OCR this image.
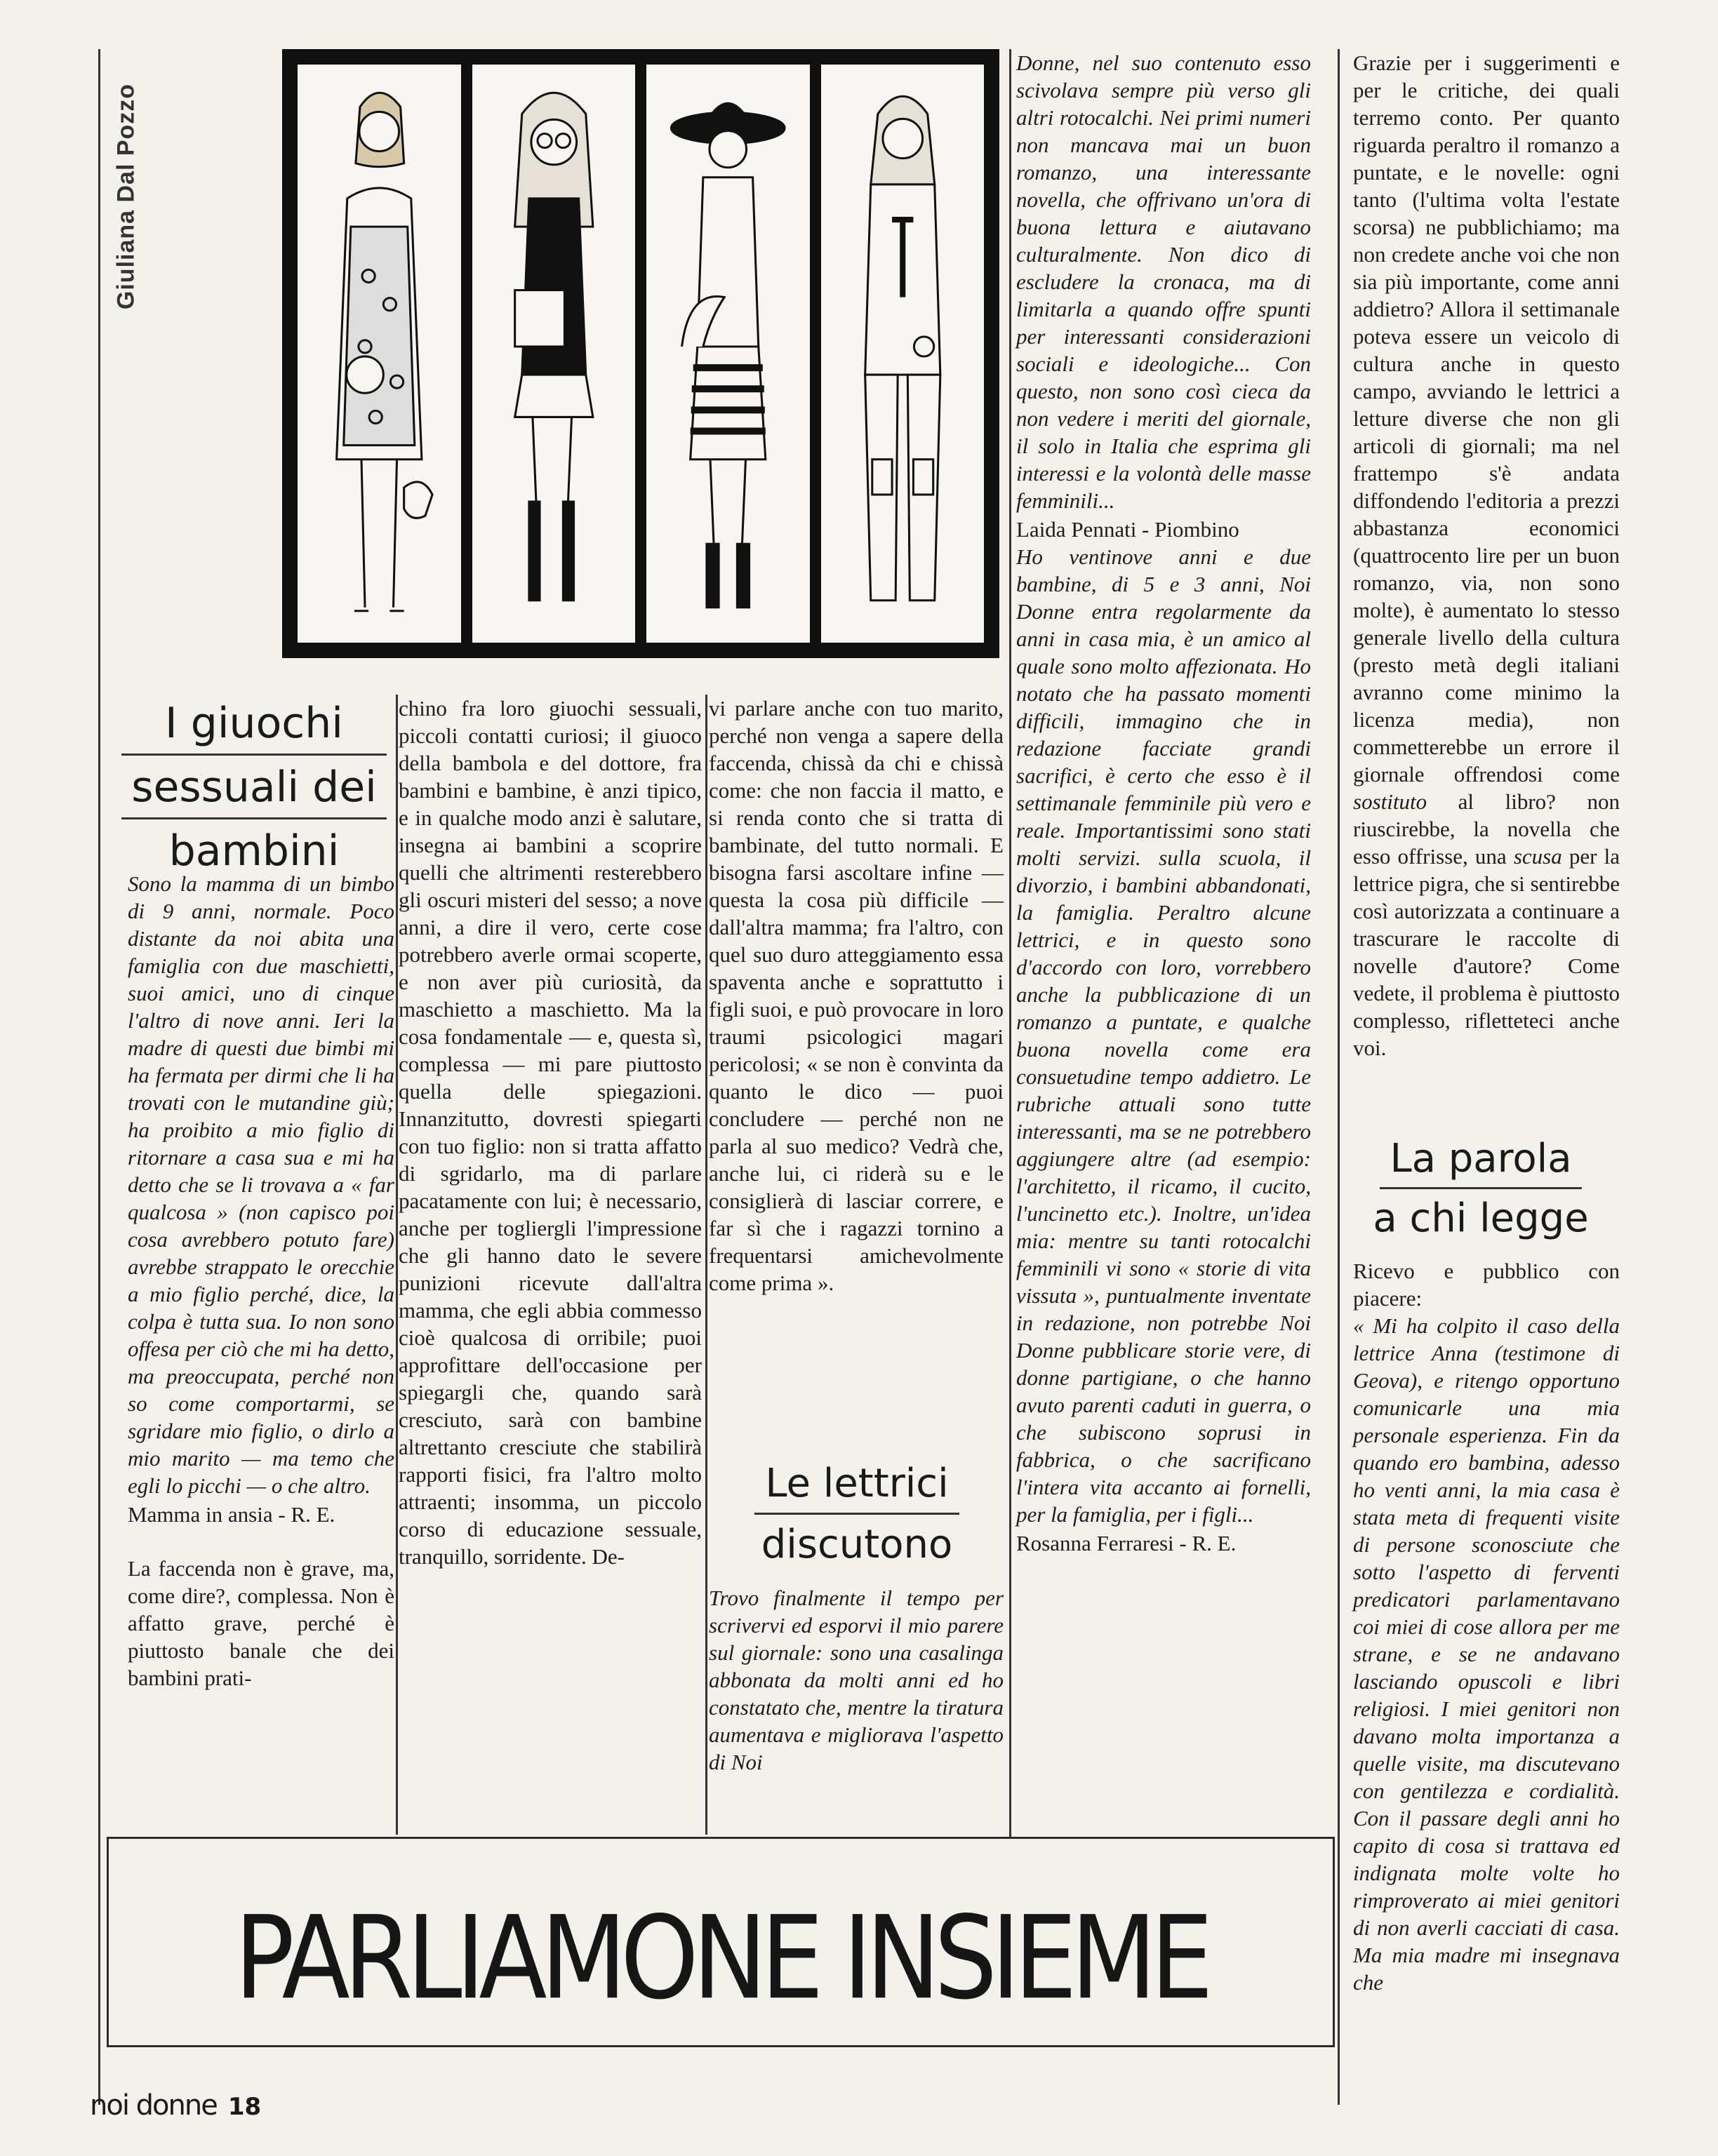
Giuliana Dal Pozzo
I giuochi
sessuali dei
bambini

Sono la mamma di un bimbo di 9 anni, normale. Poco distante da noi abita una famiglia con due maschietti, suoi amici, uno di cinque l'altro di nove anni. Ieri la madre di questi due bimbi mi ha fermata per dirmi che li ha trovati con le mutandine giù; ha proibito a mio figlio di ritornare a casa sua e mi ha detto che se li trovava a « far qualcosa » (non capisco poi cosa avrebbero potuto fare) avrebbe strappato le orecchie a mio figlio perché, dice, la colpa è tutta sua. Io non sono offesa per ciò che mi ha detto, ma preoccupata, perché non so come comportarmi, se sgridare mio figlio, o dirlo a mio marito — ma temo che egli lo picchi — o che altro.

Mamma in ansia - R. E.

La faccenda non è grave, ma, come dire?, complessa. Non è affatto grave, perché è piuttosto banale che dei bambini prati-

chino fra loro giuochi sessuali, piccoli contatti curiosi; il giuoco della bambola e del dottore, fra bambini e bambine, è anzi tipico, e in qualche modo anzi è salutare, insegna ai bambini a scoprire quelli che altrimenti resterebbero gli oscuri misteri del sesso; a nove anni, a dire il vero, certe cose potrebbero averle ormai scoperte, e non aver più curiosità, da maschietto a maschietto. Ma la cosa fondamentale — e, questa sì, complessa — mi pare piuttosto quella delle spiegazioni. Innanzitutto, dovresti spiegarti con tuo figlio: non si tratta affatto di sgridarlo, ma di parlare pacatamente con lui; è necessario, anche per togliergli l'impressione che gli hanno dato le severe punizioni ricevute dall'altra mamma, che egli abbia commesso cioè qualcosa di orribile; puoi approfittare dell'occasione per spiegargli che, quando sarà cresciuto, sarà con bambine altrettanto cresciute che stabilirà rapporti fisici, fra l'altro molto attraenti; insomma, un piccolo corso di educazione sessuale, tranquillo, sorridente. De-

vi parlare anche con tuo marito, perché non venga a sapere della faccenda, chissà da chi e chissà come: che non faccia il matto, e si renda conto che si tratta di bambinate, del tutto normali. E bisogna farsi ascoltare infine — questa la cosa più difficile — dall'altra mamma; fra l'altro, con quel suo duro atteggiamento essa spaventa anche e soprattutto i figli suoi, e può provocare in loro traumi psicologici magari pericolosi; « se non è convinta da quanto le dico — puoi concludere — perché non ne parla al suo medico? Vedrà che, anche lui, ci riderà su e le consiglierà di lasciar correre, e far sì che i ragazzi tornino a frequentarsi amichevolmente come prima ».

Le lettrici
discutono

Trovo finalmente il tempo per scrivervi ed esporvi il mio parere sul giornale: sono una casalinga abbonata da molti anni ed ho constatato che, mentre la tiratura aumentava e migliorava l'aspetto di Noi

Donne, nel suo contenuto esso scivolava sempre più verso gli altri rotocalchi. Nei primi numeri non mancava mai un buon romanzo, una interessante novella, che offrivano un'ora di buona lettura e aiutavano culturalmente. Non dico di escludere la cronaca, ma di limitarla a quando offre spunti per interessanti considerazioni sociali e ideologiche... Con questo, non sono così cieca da non vedere i meriti del giornale, il solo in Italia che esprima gli interessi e la volontà delle masse femminili...

Laida Pennati - Piombino

Ho ventinove anni e due bambine, di 5 e 3 anni, Noi Donne entra regolarmente da anni in casa mia, è un amico al quale sono molto affezionata. Ho notato che ha passato momenti difficili, immagino che in redazione facciate grandi sacrifici, è certo che esso è il settimanale femminile più vero e reale. Importantissimi sono stati molti servizi. sulla scuola, il divorzio, i bambini abbandonati, la famiglia. Peraltro alcune lettrici, e in questo sono d'accordo con loro, vorrebbero anche la pubblicazione di un romanzo a puntate, e qualche buona novella come era consuetudine tempo addietro. Le rubriche attuali sono tutte interessanti, ma se ne potrebbero aggiungere altre (ad esempio: l'architetto, il ricamo, il cucito, l'uncinetto etc.). Inoltre, un'idea mia: mentre su tanti rotocalchi femminili vi sono « storie di vita vissuta », puntualmente inventate in redazione, non potrebbe Noi Donne pubblicare storie vere, di donne partigiane, o che hanno avuto parenti caduti in guerra, o che subiscono soprusi in fabbrica, o che sacrificano l'intera vita accanto ai fornelli, per la famiglia, per i figli...

Rosanna Ferraresi - R. E.

Grazie per i suggerimenti e per le critiche, dei quali terremo conto. Per quanto riguarda peraltro il romanzo a puntate, e le novelle: ogni tanto (l'ultima volta l'estate scorsa) ne pubblichiamo; ma non credete anche voi che non sia più importante, come anni addietro? Allora il settimanale poteva essere un veicolo di cultura anche in questo campo, avviando le lettrici a letture diverse che non gli articoli di giornali; ma nel frattempo s'è andata diffondendo l'editoria a prezzi abbastanza economici (quattrocento lire per un buon romanzo, via, non sono molte), è aumentato lo stesso generale livello della cultura (presto metà degli italiani avranno come minimo la licenza media), non commetterebbe un errore il giornale offrendosi come sostituto al libro? non riuscirebbe, la novella che esso offrisse, una scusa per la lettrice pigra, che si sentirebbe così autorizzata a continuare a trascurare le raccolte di novelle d'autore? Come vedete, il problema è piuttosto complesso, rifletteteci anche voi.

La parola
a chi legge

Ricevo e pubblico con piacere:

« Mi ha colpito il caso della lettrice Anna (testimone di Geova), e ritengo opportuno comunicarle una mia personale esperienza. Fin da quando ero bambina, adesso ho venti anni, la mia casa è stata meta di frequenti visite di persone sconosciute che sotto l'aspetto di ferventi predicatori parlamentavano coi miei di cose allora per me strane, e se ne andavano lasciando opuscoli e libri religiosi. I miei genitori non davano molta importanza a quelle visite, ma discutevano con gentilezza e cordialità. Con il passare degli anni ho capito di cosa si trattava ed indignata molte volte ho rimproverato ai miei genitori di non averli cacciati di casa. Ma mia madre mi insegnava che

PARLIAMONE INSIEME
noi donne 18
